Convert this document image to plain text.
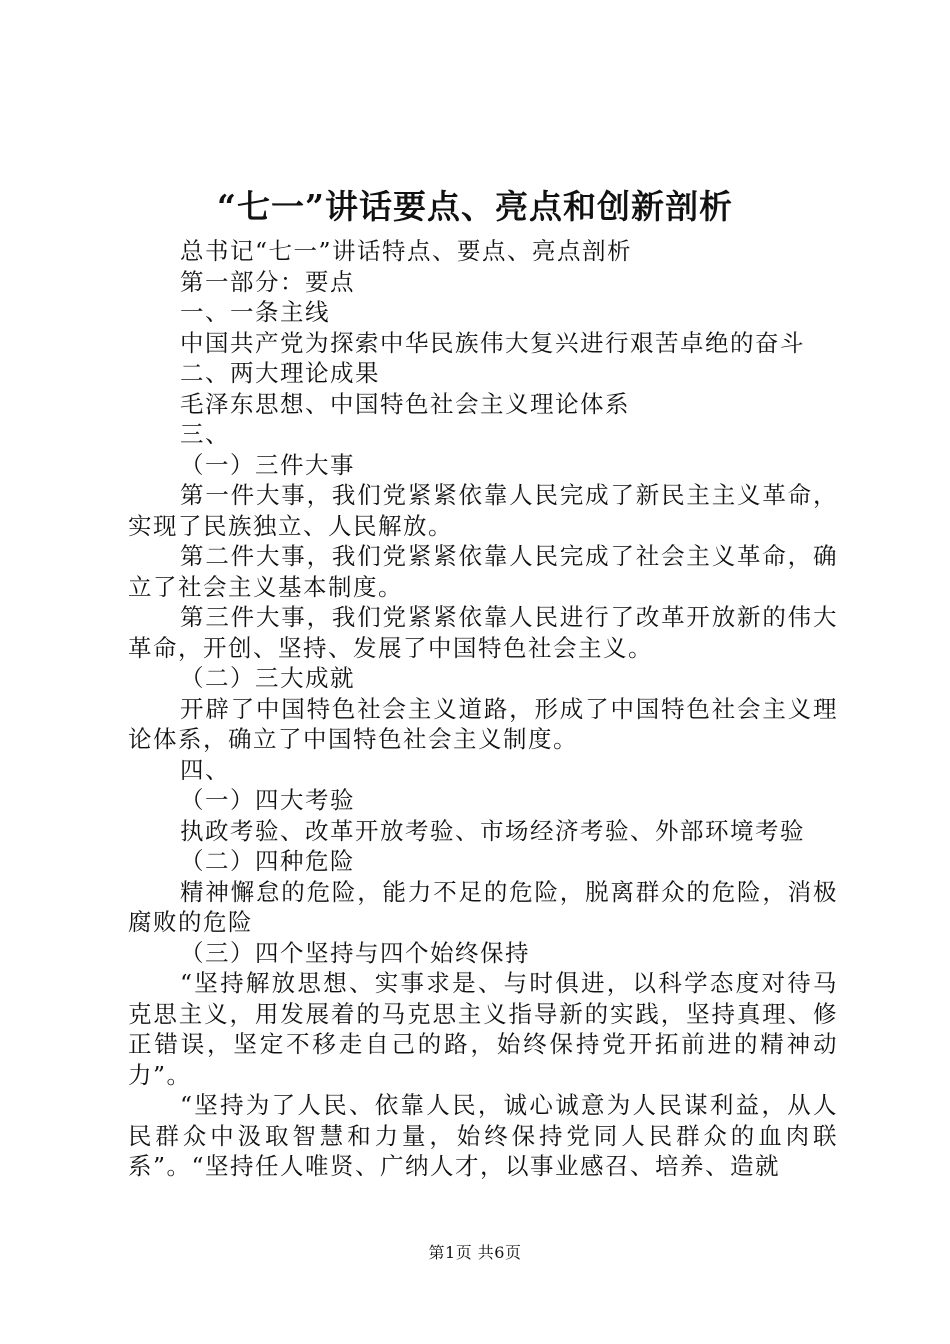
“七一”讲话要点、亮点和创新剖析

总书记“七一”讲话特点、要点、亮点剖析

第一部分：要点

一、一条主线

中国共产党为探索中华民族伟大复兴进行艰苦卓绝的奋斗

二、两大理论成果

毛泽东思想、中国特色社会主义理论体系

三、

（一）三件大事

第一件大事，我们党紧紧依靠人民完成了新民主主义革命，实现了民族独立、人民解放。

第二件大事，我们党紧紧依靠人民完成了社会主义革命，确立了社会主义基本制度。

第三件大事，我们党紧紧依靠人民进行了改革开放新的伟大革命，开创、坚持、发展了中国特色社会主义。

（二）三大成就

开辟了中国特色社会主义道路，形成了中国特色社会主义理论体系，确立了中国特色社会主义制度。

四、

（一）四大考验

执政考验、改革开放考验、市场经济考验、外部环境考验

（二）四种危险

精神懈怠的危险，能力不足的危险，脱离群众的危险，消极腐败的危险

（三）四个坚持与四个始终保持

“坚持解放思想、实事求是、与时俱进，以科学态度对待马克思主义，用发展着的马克思主义指导新的实践，坚持真理、修正错误，坚定不移走自己的路，始终保持党开拓前进的精神动力”。

“坚持为了人民、依靠人民，诚心诚意为人民谋利益，从人民群众中汲取智慧和力量，始终保持党同人民群众的血肉联系”。“坚持任人唯贤、广纳人才，以事业感召、培养、造就

第1页 共6页
